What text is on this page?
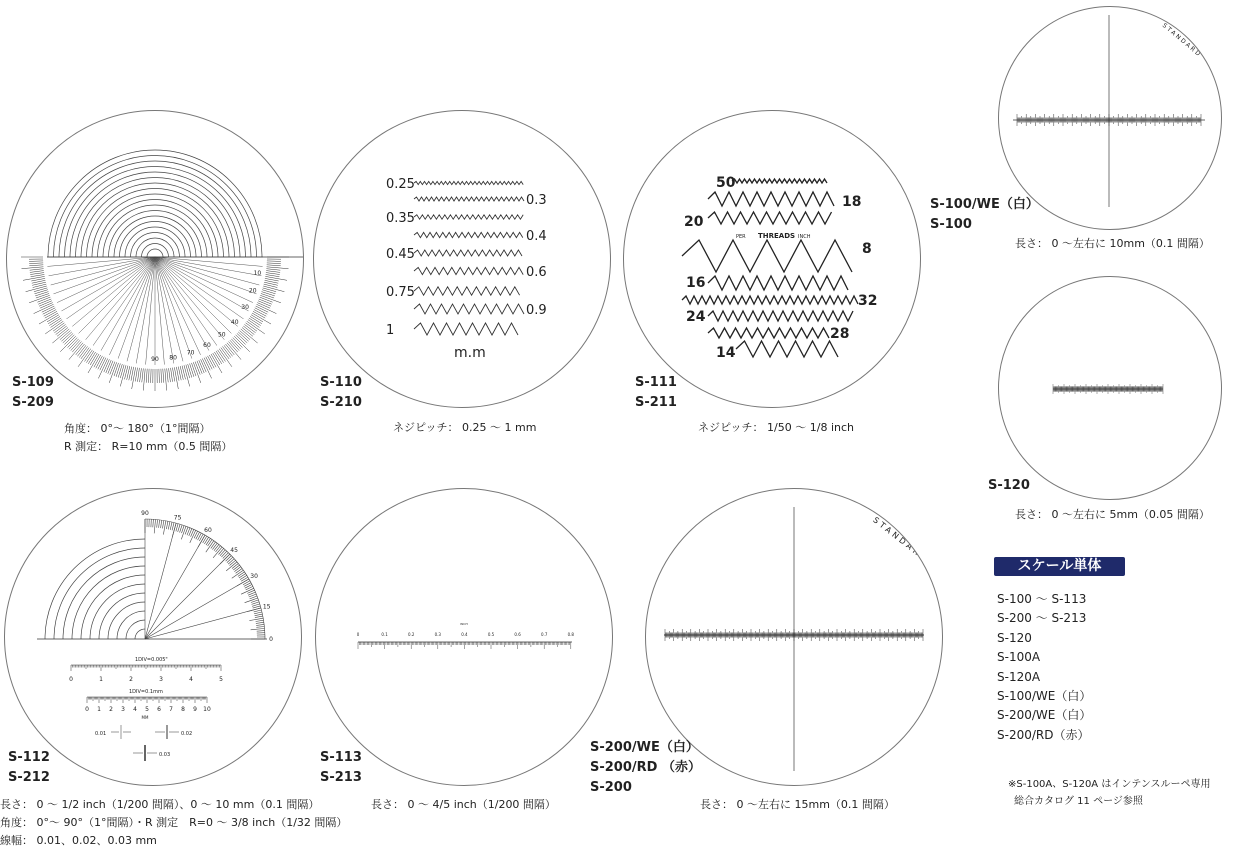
10
20
30
40
50
60
70
80
90
S-109
S-209
角度： 0°～ 180°（1°間隔）
R 測定： R=10 mm（0.5 間隔）
0.25
0.3
0.35
0.4
0.45
0.6
0.75
0.9
1
m.m
S-110
S-210
ネジピッチ： 0.25 ～ 1 mm
50
18
20
PER THREADS INCH
8
16
32
24
28
14
S-111
S-211
ネジピッチ： 1/50 ～ 1/8 inch
STANDARD
S-100/WE（白）
S-100
長さ： 0 ～左右に 10mm（0.1 間隔）
S-120
長さ： 0 ～左右に 5mm（0.05 間隔）
90
75
60
45
30
15
0
1DIV=0.005"
0	1	2	3	4	5
1DIV=0.1mm
0 1 2 3 4 5 6 7 8 9 10
MM
0.01	0.02
0.03
S-112
S-212
長さ： 0 ～ 1/2 inch（1/200 間隔）、0 ～ 10 mm（0.1 間隔）
角度： 0°～ 90°（1°間隔）・R 測定　R=0 ～ 3/8 inch（1/32 間隔）
線幅： 0.01、0.02、0.03 mm
INCH
0	0.1	0.2	0.3	0.4	0.5	0.6	0.7	0.8
S-113
S-213
長さ： 0 ～ 4/5 inch（1/200 間隔）
STANDARD
S-200/WE（白）
S-200/RD （赤）
S-200
長さ： 0 ～左右に 15mm（0.1 間隔）
スケール単体
S-100 ～ S-113
S-200 ～ S-213
S-120
S-100A
S-120A
S-100/WE（白）
S-200/WE（白）
S-200/RD（赤）
※S-100A、S-120A はインテンスルーペ専用
総合カタログ 11 ページ参照
